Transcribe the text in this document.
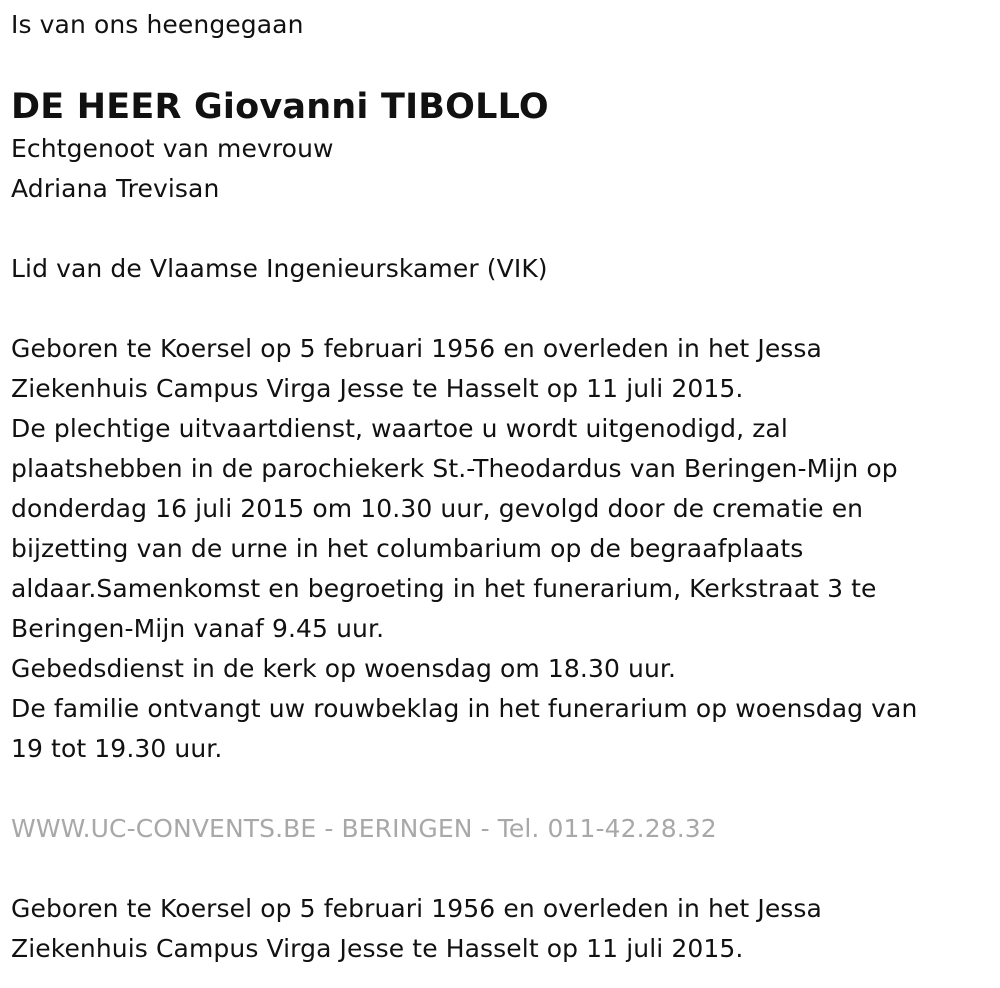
Is van ons heengegaan
DE HEER Giovanni TIBOLLO
Echtgenoot van mevrouw
Adriana Trevisan
Lid van de Vlaamse Ingenieurskamer (VIK)
Geboren te Koersel op 5 februari 1956 en overleden in het Jessa
Ziekenhuis Campus Virga Jesse te Hasselt op 11 juli 2015.
De plechtige uitvaartdienst, waartoe u wordt uitgenodigd, zal
plaatshebben in de parochiekerk St.-Theodardus van Beringen-Mijn op
donderdag 16 juli 2015 om 10.30 uur, gevolgd door de crematie en
bijzetting van de urne in het columbarium op de begraafplaats
aldaar.Samenkomst en begroeting in het funerarium, Kerkstraat 3 te
Beringen-Mijn vanaf 9.45 uur.
Gebedsdienst in de kerk op woensdag om 18.30 uur.
De familie ontvangt uw rouwbeklag in het funerarium op woensdag van
19 tot 19.30 uur.
WWW.UC-CONVENTS.BE - BERINGEN - Tel. 011-42.28.32
Geboren te Koersel op 5 februari 1956 en overleden in het Jessa
Ziekenhuis Campus Virga Jesse te Hasselt op 11 juli 2015.
